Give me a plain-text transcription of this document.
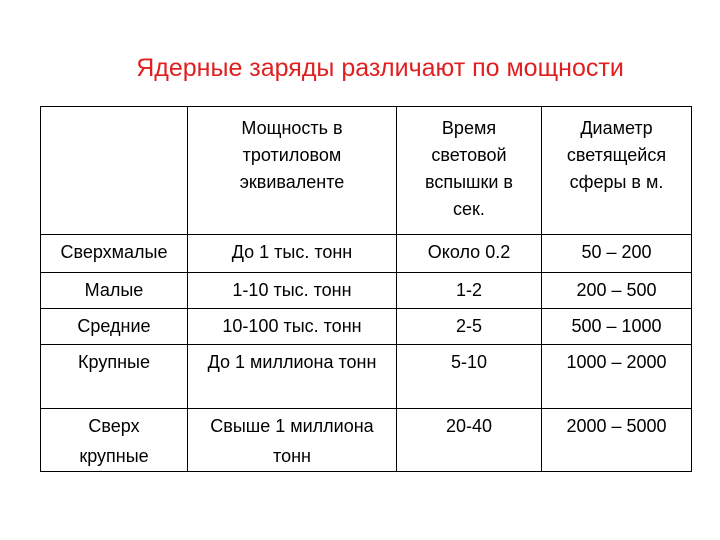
Ядерные заряды различают по мощности
	Мощность в тротиловом эквиваленте	Время световой вспышки в сек.	Диаметр светящейся сферы в м.
Сверхмалые	До 1 тыс. тонн	Около 0.2	50 – 200
Малые	1-10 тыс. тонн	1-2	200 – 500
Средние	10-100 тыс. тонн	2-5	500 – 1000
Крупные	До 1 миллиона тонн	5-10	1000 – 2000
Сверх крупные	Свыше 1 миллиона тонн	20-40	2000 – 5000
